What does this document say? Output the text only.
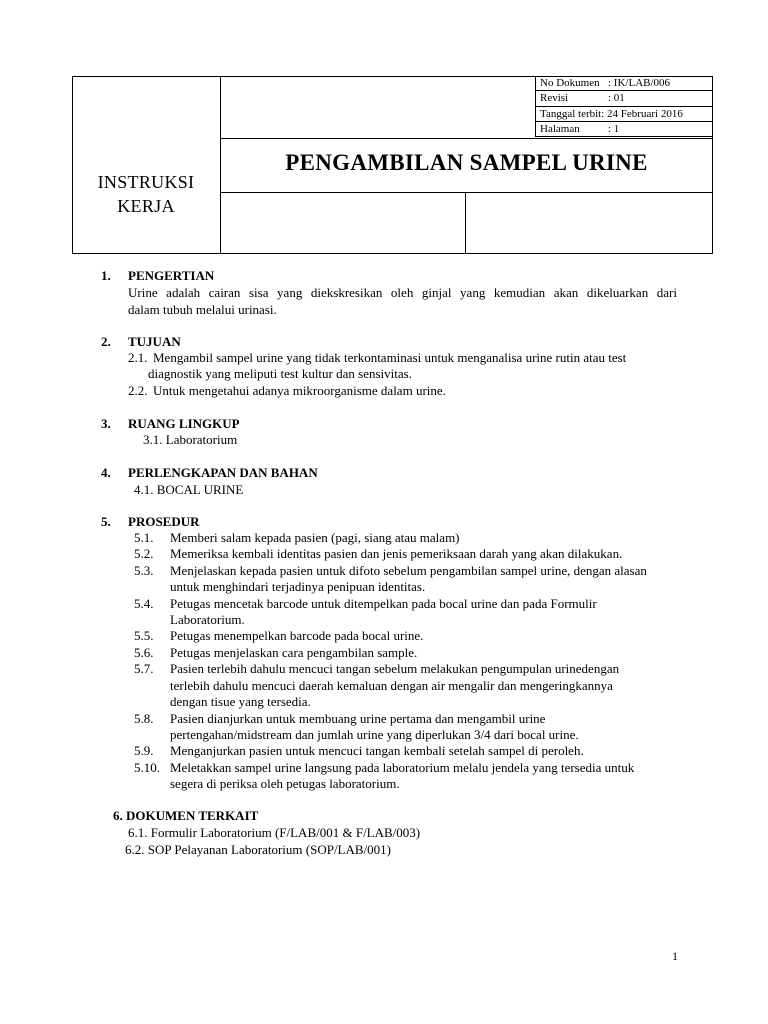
No Dokumen : IK/LAB/006
Revisi	: 01
Tanggal terbit: 24 Februari 2016
Halaman	: 1
INSTRUKSI
KERJA
PENGAMBILAN SAMPEL URINE
1. PENGERTIAN
Urine adalah cairan sisa yang diekskresikan oleh ginjal yang kemudian akan dikeluarkan dari
dalam tubuh melalui urinasi.
2. TUJUAN
2.1. Mengambil sampel urine yang tidak terkontaminasi untuk menganalisa urine rutin atau test
diagnostik yang meliputi test kultur dan sensivitas.
2.2. Untuk mengetahui adanya mikroorganisme dalam urine.
3. RUANG LINGKUP
3.1. Laboratorium
4. PERLENGKAPAN DAN BAHAN
4.1. BOCAL URINE
5. PROSEDUR
5.1. Memberi salam kepada pasien (pagi, siang atau malam)
5.2. Memeriksa kembali identitas pasien dan jenis pemeriksaan darah yang akan dilakukan.
5.3. Menjelaskan kepada pasien untuk difoto sebelum pengambilan sampel urine, dengan alasan
untuk menghindari terjadinya penipuan identitas.
5.4. Petugas mencetak barcode untuk ditempelkan pada bocal urine dan pada Formulir
Laboratorium.
5.5. Petugas menempelkan barcode pada bocal urine.
5.6. Petugas menjelaskan cara pengambilan sample.
5.7. Pasien terlebih dahulu mencuci tangan sebelum melakukan pengumpulan urinedengan
terlebih dahulu mencuci daerah kemaluan dengan air mengalir dan mengeringkannya
dengan tisue yang tersedia.
5.8. Pasien dianjurkan untuk membuang urine pertama dan mengambil urine
pertengahan/midstream dan jumlah urine yang diperlukan 3/4 dari bocal urine.
5.9. Menganjurkan pasien untuk mencuci tangan kembali setelah sampel di peroleh.
5.10. Meletakkan sampel urine langsung pada laboratorium melalu jendela yang tersedia untuk
segera di periksa oleh petugas laboratorium.
6. DOKUMEN TERKAIT
6.1. Formulir Laboratorium (F/LAB/001 & F/LAB/003)
6.2. SOP Pelayanan Laboratorium (SOP/LAB/001)
1
